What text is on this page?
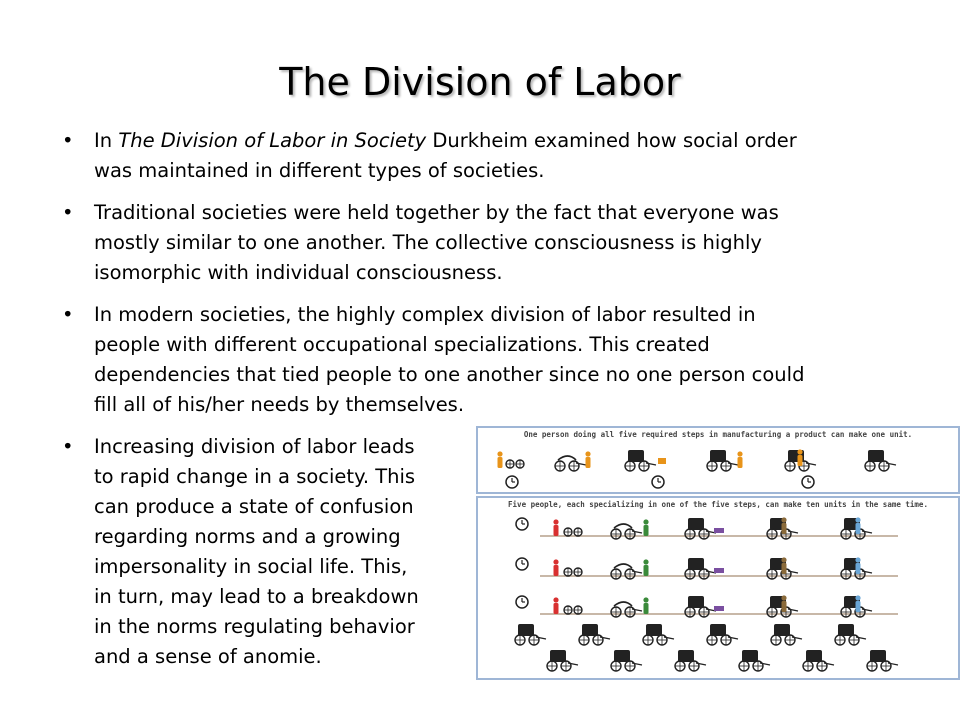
The Division of Labor
• In The Division of Labor in Society Durkheim examined how social order
was maintained in different types of societies.
• Traditional societies were held together by the fact that everyone was
mostly similar to one another. The collective consciousness is highly
isomorphic with individual consciousness.
• In modern societies, the highly complex division of labor resulted in
people with different occupational specializations. This created
dependencies that tied people to one another since no one person could
fill all of his/her needs by themselves.
• Increasing division of labor leads
to rapid change in a society. This
can produce a state of confusion
regarding norms and a growing
impersonality in social life. This,
in turn, may lead to a breakdown
in the norms regulating behavior
and a sense of anomie.
One person doing all five required steps in manufacturing a product can make one unit.
Five people, each specializing in one of the five steps, can make ten units in the same time.
